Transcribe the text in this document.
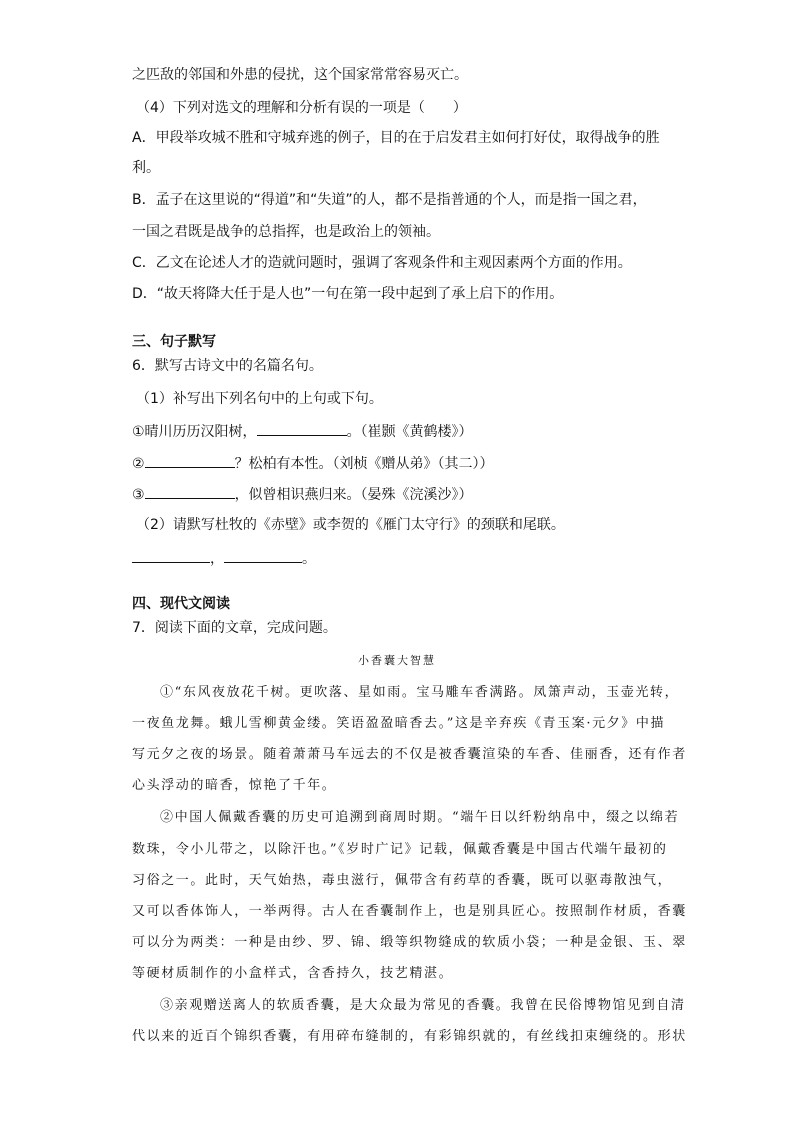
之匹敌的邻国和外患的侵扰，这个国家常常容易灭亡。
（4）下列对选文的理解和分析有误的一项是（　　）
A．甲段举攻城不胜和守城弃逃的例子，目的在于启发君主如何打好仗，取得战争的胜
利。
B．孟子在这里说的“得道”和“失道”的人，都不是指普通的个人，而是指一国之君，
一国之君既是战争的总指挥，也是政治上的领袖。
C．乙文在论述人才的造就问题时，强调了客观条件和主观因素两个方面的作用。
D．“故天将降大任于是人也”一句在第一段中起到了承上启下的作用。
三、句子默写
6．默写古诗文中的名篇名句。
（1）补写出下列名句中的上句或下句。
①晴川历历汉阳树，	。（崔颢《黄鹤楼》）
②	？松柏有本性。（刘桢《赠从弟》（其二））
③	，似曾相识燕归来。（晏殊《浣溪沙》）
（2）请默写杜牧的《赤壁》或李贺的《雁门太守行》的颈联和尾联。
，	。
四、现代文阅读
7．阅读下面的文章，完成问题。
小香囊大智慧
①“东风夜放花千树。更吹落、星如雨。宝马雕车香满路。凤箫声动，玉壶光转，
一夜鱼龙舞。蛾儿雪柳黄金缕。笑语盈盈暗香去。”这是辛弃疾《青玉案·元夕》中描
写元夕之夜的场景。随着萧萧马车远去的不仅是被香囊渲染的车香、佳丽香，还有作者
心头浮动的暗香，惊艳了千年。
②中国人佩戴香囊的历史可追溯到商周时期。“端午日以纤粉纳帛中，缀之以绵若
数珠，令小儿带之，以除汗也。”《岁时广记》记载，佩戴香囊是中国古代端午最初的
习俗之一。此时，天气始热，毒虫滋行，佩带含有药草的香囊，既可以驱毒散浊气，
又可以香体饰人，一举两得。古人在香囊制作上，也是别具匠心。按照制作材质，香囊
可以分为两类：一种是由纱、罗、锦、缎等织物缝成的软质小袋；一种是金银、玉、翠
等硬材质制作的小盒样式，含香持久，技艺精湛。
③亲观赠送离人的软质香囊，是大众最为常见的香囊。我曾在民俗博物馆见到自清
代以来的近百个锦织香囊，有用碎布缝制的，有彩锦织就的，有丝线扣束缠绕的。形状
